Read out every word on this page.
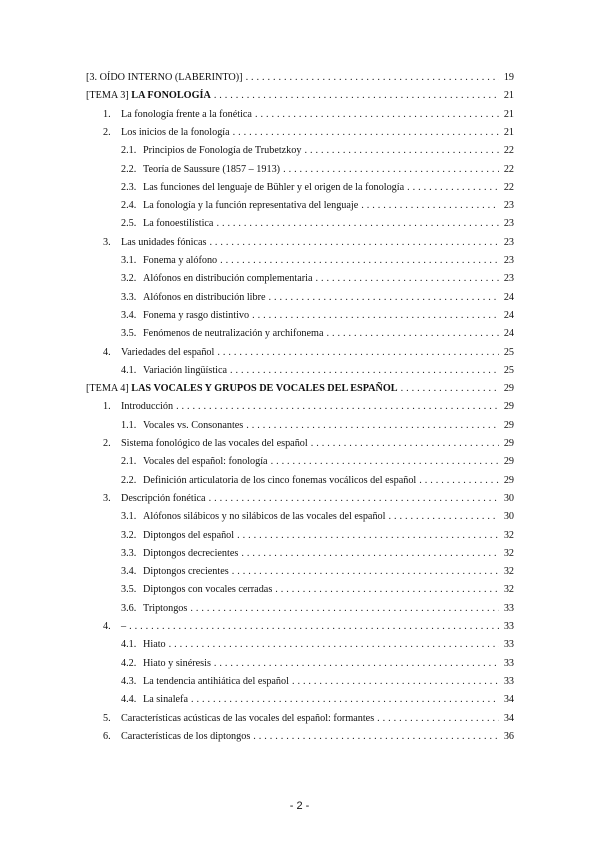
[3. OÍDO INTERNO (LABERINTO)] . . .	19
[TEMA 3] LA FONOLOGÍA . . .	21
1.	La fonología frente a la fonética . . .	21
2.	Los inicios de la fonología . . .	21
2.1. Principios de Fonología de Trubetzkoy . . .	22
2.2. Teoría de Saussure (1857 – 1913) . . .	22
2.3. Las funciones del lenguaje de Bühler y el origen de la fonología . . .	22
2.4. La fonología y la función representativa del lenguaje . . .	23
2.5. La fonoestilística . . .	23
3.	Las unidades fónicas . . .	23
3.1. Fonema y alófono . . .	23
3.2. Alófonos en distribución complementaria . . .	23
3.3. Alófonos en distribución libre . . .	24
3.4. Fonema y rasgo distintivo . . .	24
3.5. Fenómenos de neutralización y archifonema . . .	24
4.	Variedades del español . . .	25
4.1. Variación lingüística . . .	25
[TEMA 4] LAS VOCALES Y GRUPOS DE VOCALES DEL ESPAÑOL . . .	29
1.	Introducción . . .	29
1.1. Vocales vs. Consonantes . . .	29
2.	Sistema fonológico de las vocales del español . . .	29
2.1. Vocales del español: fonología . . .	29
2.2. Definición articulatoria de los cinco fonemas vocálicos del español . . .	29
3.	Descripción fonética . . .	30
3.1. Alófonos silábicos y no silábicos de las vocales del español . . .	30
3.2. Diptongos del español . . .	32
3.3. Diptongos decrecientes . . .	32
3.4. Diptongos crecientes . . .	32
3.5. Diptongos con vocales cerradas . . .	32
3.6. Triptongos . . .	33
4.	– . . .	33
4.1. Hiato . . .	33
4.2. Hiato y sinéresis . . .	33
4.3. La tendencia antihiática del español . . .	33
4.4. La sinalefa . . .	34
5.	Características acústicas de las vocales del español: formantes . . .	34
6.	Características de los diptongos . . .	36
- 2 -
